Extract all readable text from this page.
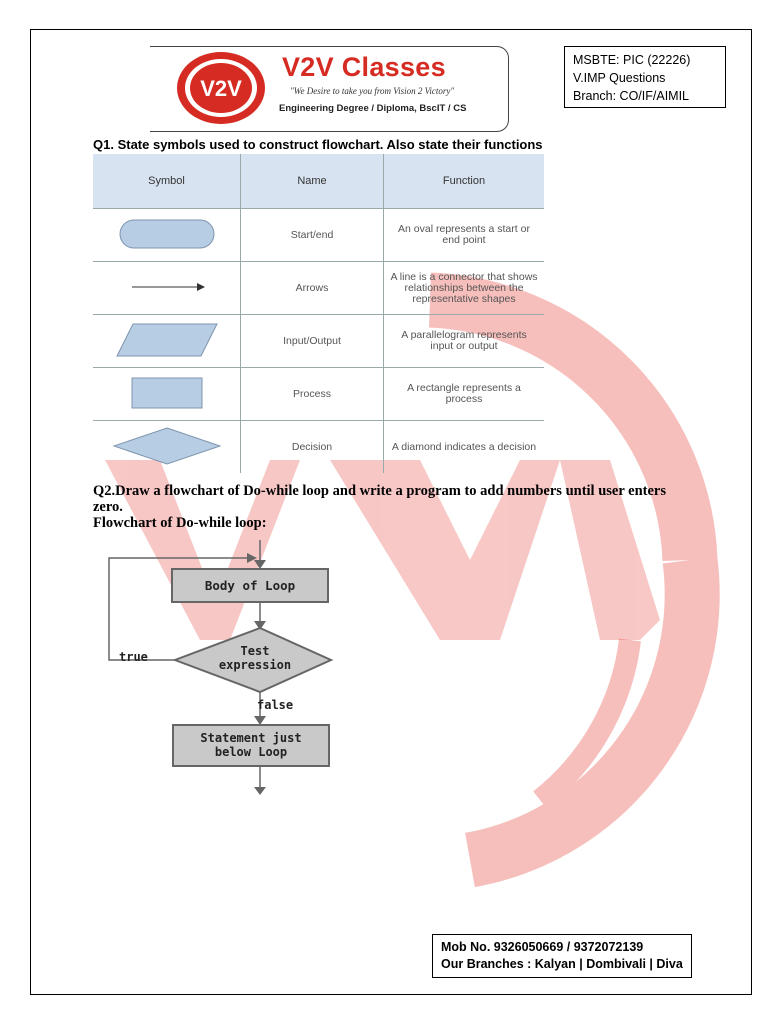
V2V
V2V Classes
"We Desire to take you from Vision 2 Victory"
Engineering Degree / Diploma, BscIT / CS
MSBTE: PIC (22226)
V.IMP Questions
Branch: CO/IF/AIMIL
Q1. State symbols used to construct flowchart. Also state their functions
Symbol	Name	Function
	Start/end	An oval represents a start or end point
	Arrows	A line is a connector that shows relationships between the representative shapes
	Input/Output	A parallelogram represents input or output
	Process	A rectangle represents a process
	Decision	A diamond indicates a decision
Q2.Draw a flowchart of Do-while loop and write a program to add numbers until user enters zero.
Flowchart of Do-while loop:
Body of Loop
Test
expression
true
false
Statement just
below Loop
Mob No. 9326050669 / 9372072139
Our Branches : Kalyan | Dombivali | Diva
